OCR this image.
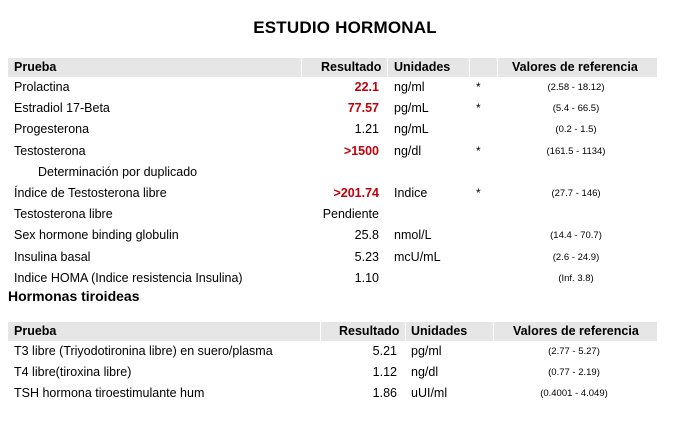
ESTUDIO HORMONAL
Prueba	Resultado Unidades	Valores de referencia
Prolactina	22.1 ng/ml	*	(2.58 - 18.12)
Estradiol 17-Beta	77.57 pg/mL	*	(5.4 - 66.5)
Progesterona	1.21 ng/mL	(0.2 - 1.5)
Testosterona	>1500 ng/dl	*	(161.5 - 1134)
Determinación por duplicado
Índice de Testosterona libre	>201.74 Indice	*	(27.7 - 146)
Testosterona libre	Pendiente
Sex hormone binding globulin	25.8 nmol/L	(14.4 - 70.7)
Insulina basal	5.23 mcU/mL	(2.6 - 24.9)
Indice HOMA (Indice resistencia Insulina)	1.10	(Inf. 3.8)
Hormonas tiroideas
Prueba	Resultado Unidades	Valores de referencia
T3 libre (Triyodotironina libre) en suero/plasma	5.21 pg/ml	(2.77 - 5.27)
T4 libre(tiroxina libre)	1.12 ng/dl	(0.77 - 2.19)
TSH hormona tiroestimulante hum	1.86 uUI/ml	(0.4001 - 4.049)
